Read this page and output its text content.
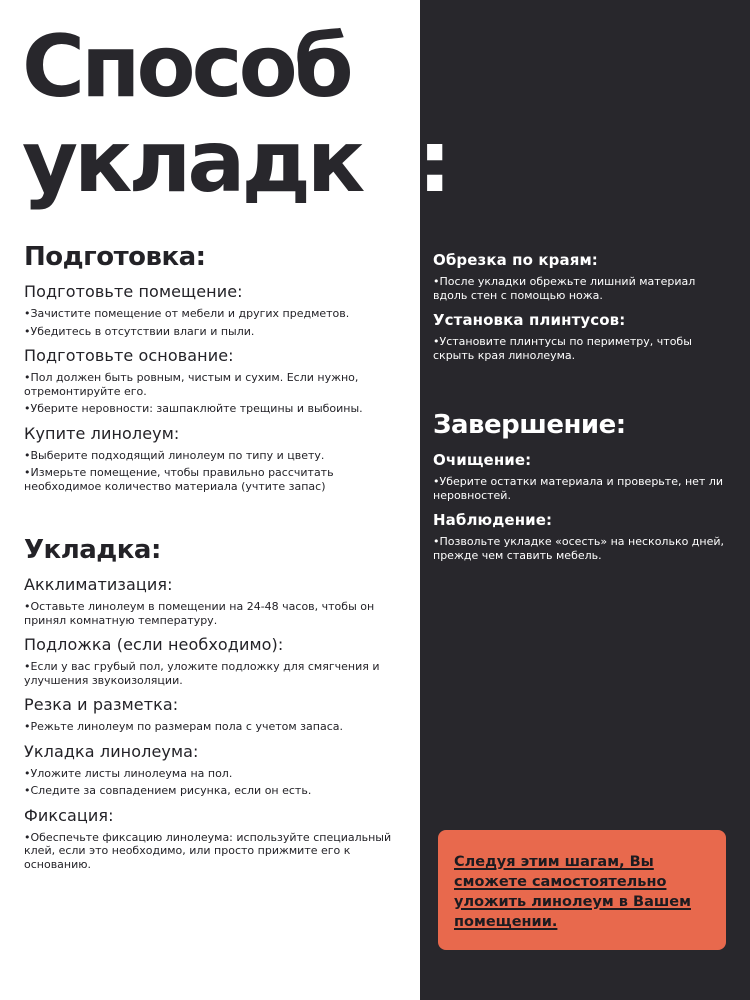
Способ
укладки:
Подготовка:
Подготовьте помещение:

•Зачистите помещение от мебели и других предметов.

•Убедитесь в отсутствии влаги и пыли.

Подготовьте основание:

•Пол должен быть ровным, чистым и сухим. Если нужно, отремонтируйте его.

•Уберите неровности: зашпаклюйте трещины и выбоины.

Купите линолеум:

•Выберите подходящий линолеум по типу и цвету.

•Измерьте помещение, чтобы правильно рассчитать необходимое количество материала (учтите запас)

Укладка:
Акклиматизация:

•Оставьте линолеум в помещении на 24-48 часов, чтобы он принял комнатную температуру.

Подложка (если необходимо):

•Если у вас грубый пол, уложите подложку для смягчения и улучшения звукоизоляции.

Резка и разметка:

•Режьте линолеум по размерам пола с учетом запаса.

Укладка линолеума:

•Уложите листы линолеума на пол.

•Следите за совпадением рисунка, если он есть.

Фиксация:

•Обеспечьте фиксацию линолеума: используйте специальный клей, если это необходимо, или просто прижмите его к основанию.

Обрезка по краям:

•После укладки обрежьте лишний материал вдоль стен с помощью ножа.

Установка плинтусов:

•Установите плинтусы по периметру, чтобы скрыть края линолеума.

Завершение:
Очищение:

•Уберите остатки материала и проверьте, нет ли неровностей.

Наблюдение:

•Позвольте укладке «осесть» на несколько дней, прежде чем ставить мебель.

Следуя этим шагам, Вы сможете самостоятельно уложить линолеум в Вашем помещении.
